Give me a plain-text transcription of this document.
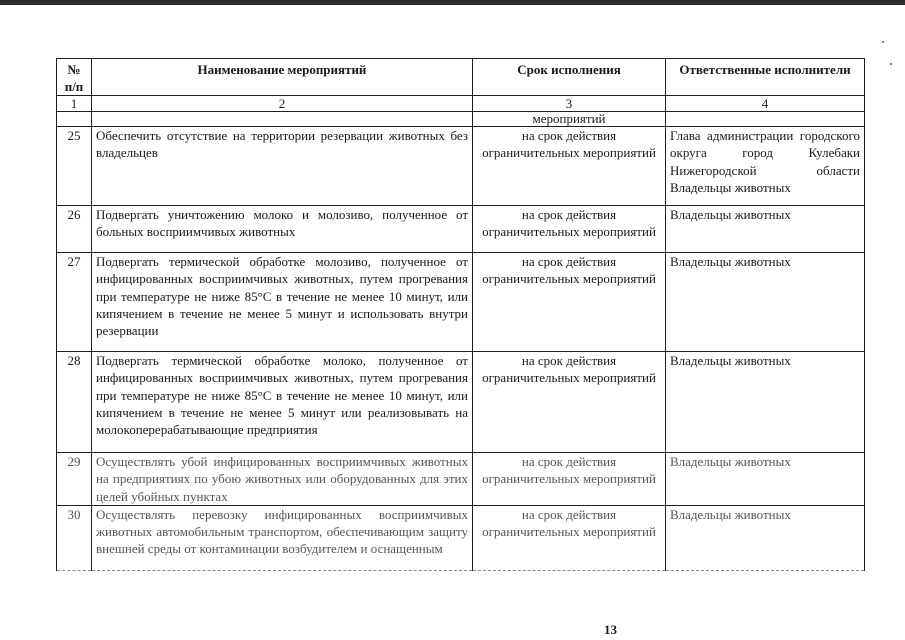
№ п/п	Наименование мероприятий	Срок исполнения	Ответственные исполнители
1	2	3	4
		мероприятий	
25	Обеспечить отсутствие на территории резервации животных без владельцев	на срок действия ограничительных мероприятий	Глава администрации городского округа город Кулебаки Нижегородской области Владельцы животных
26	Подвергать уничтожению молоко и молозиво, полученное от больных восприимчивых животных	на срок действия ограничительных мероприятий	Владельцы животных
27	Подвергать термической обработке молозиво, полученное от инфицированных восприимчивых животных, путем прогревания при температуре не ниже 85°C в течение не менее 10 минут, или кипячением в течение не менее 5 минут и использовать внутри резервации	на срок действия ограничительных мероприятий	Владельцы животных
28	Подвергать термической обработке молоко, полученное от инфицированных восприимчивых животных, путем прогревания при температуре не ниже 85°C в течение не менее 10 минут, или кипячением в течение не менее 5 минут или реализовывать на молокоперерабатывающие предприятия	на срок действия ограничительных мероприятий	Владельцы животных
29	Осуществлять убой инфицированных восприимчивых животных на предприятиях по убою животных или оборудованных для этих целей убойных пунктах	на срок действия ограничительных мероприятий	Владельцы животных
30	Осуществлять перевозку инфицированных восприимчивых животных автомобильным транспортом, обеспечивающим защиту внешней среды от контаминации возбудителем и оснащенным	на срок действия ограничительных мероприятий	Владельцы животных
13
